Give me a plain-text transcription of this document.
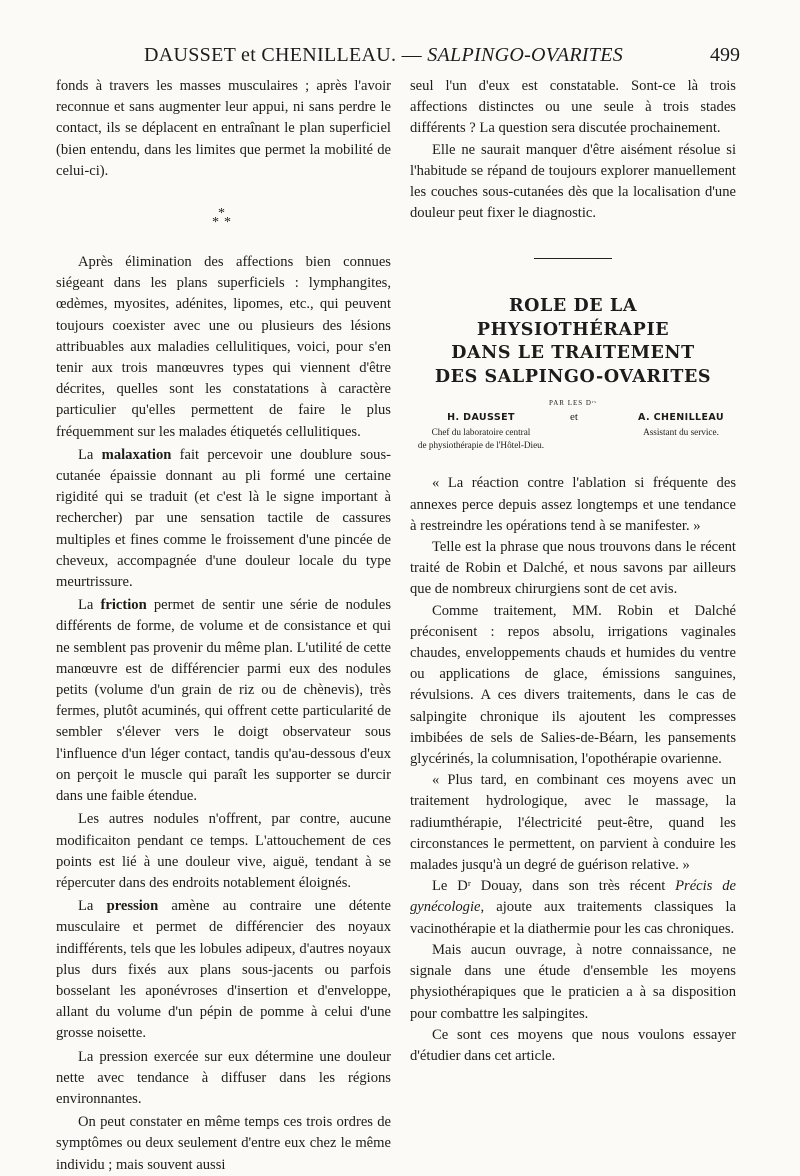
DAUSSET et CHENILLEAU. — SALPINGO-OVARITES	499

fonds à travers les masses musculaires ; après l'avoir reconnue et sans augmenter leur appui, ni sans perdre le contact, ils se déplacent en entraînant le plan superficiel (bien entendu, dans les limites que permet la mobilité de celui-ci).

*
* *

Après élimination des affections bien connues siégeant dans les plans superficiels : lymphangites, œdèmes, myosites, adénites, lipomes, etc., qui peuvent toujours coexister avec une ou plusieurs des lésions attribuables aux maladies cellulitiques, voici, pour s'en tenir aux trois manœuvres types qui viennent d'être décrites, quelles sont les constatations à caractère particulier qu'elles permettent de faire le plus fréquemment sur les malades étiquetés cellulitiques.

La malaxation fait percevoir une doublure sous-cutanée épaissie donnant au pli formé une certaine rigidité qui se traduit (et c'est là le signe important à rechercher) par une sensation tactile de cassures multiples et fines comme le froissement d'une pincée de cheveux, accompagnée d'une douleur locale du type meurtrissure.

La friction permet de sentir une série de nodules différents de forme, de volume et de consistance et qui ne semblent pas provenir du même plan. L'utilité de cette manœuvre est de différencier parmi eux des nodules petits (volume d'un grain de riz ou de chènevis), très fermes, plutôt acuminés, qui offrent cette particularité de sembler s'élever vers le doigt observateur sous l'influence d'un léger contact, tandis qu'au-dessous d'eux on perçoit le muscle qui paraît les supporter se durcir dans une faible étendue.

Les autres nodules n'offrent, par contre, aucune modificaiton pendant ce temps. L'attouchement de ces points est lié à une douleur vive, aiguë, tendant à se répercuter dans des endroits notablement éloignés.

La pression amène au contraire une détente musculaire et permet de différencier des noyaux indifférents, tels que les lobules adipeux, d'autres noyaux plus durs fixés aux plans sous-jacents ou parfois bosselant les aponévroses d'insertion et d'enveloppe, allant du volume d'un pépin de pomme à celui d'une grosse noisette.

La pression exercée sur eux détermine une douleur nette avec tendance à diffuser dans les régions environnantes.

On peut constater en même temps ces trois ordres de symptômes ou deux seulement d'entre eux chez le même individu ; mais souvent aussi

seul l'un d'eux est constatable. Sont-ce là trois affections distinctes ou une seule à trois stades différents ? La question sera discutée prochainement.

Elle ne saurait manquer d'être aisément résolue si l'habitude se répand de toujours explorer manuellement les couches sous-cutanées dès que la localisation d'une douleur peut fixer le diagnostic.

ROLE DE LA
PHYSIOTHÉRAPIE
DANS LE TRAITEMENT
DES SALPINGO-OVARITES
PAR LES Dʳˢ
H. DAUSSET
Chef du laboratoire central
de physiothérapie de l'Hôtel-Dieu.
et	A. CHENILLEAU
Assistant du service.

« La réaction contre l'ablation si fréquente des annexes perce depuis assez longtemps et une tendance à restreindre les opérations tend à se manifester. »

Telle est la phrase que nous trouvons dans le récent traité de Robin et Dalché, et nous savons par ailleurs que de nombreux chirurgiens sont de cet avis.

Comme traitement, MM. Robin et Dalché préconisent : repos absolu, irrigations vaginales chaudes, enveloppements chauds et humides du ventre ou applications de glace, émissions sanguines, révulsions. A ces divers traitements, dans le cas de salpingite chronique ils ajoutent les compresses imbibées de sels de Salies-de-Béarn, les pansements glycérinés, la columnisation, l'opothérapie ovarienne.

« Plus tard, en combinant ces moyens avec un traitement hydrologique, avec le massage, la radiumthérapie, l'électricité peut-être, quand les circonstances le permettent, on parvient à conduire les malades jusqu'à un degré de guérison relative. »

Le Dʳ Douay, dans son très récent Précis de gynécologie, ajoute aux traitements classiques la vacinothérapie et la diathermie pour les cas chroniques.

Mais aucun ouvrage, à notre connaissance, ne signale dans une étude d'ensemble les moyens physiothérapiques que le praticien a à sa disposition pour combattre les salpingites.

Ce sont ces moyens que nous voulons essayer d'étudier dans cet article.
